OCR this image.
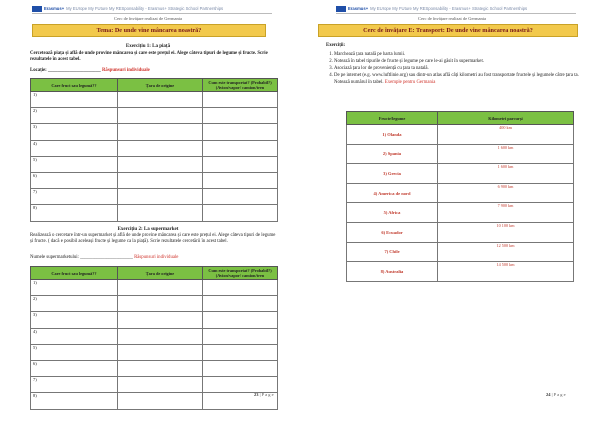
Erasmus+ My EUrope My FUture My RESponsability - Erasmus+ Strategic School Partnerships
Cerc de învățare realizat de Germania
Tema: De unde vine mâncarea noastră?
Exercițiu 1: La piață
Cercetează piața și află de unde provine mâncarea și care este prețul ei. Alege câteva tipuri de legume și fructe. Scrie rezultatele în acest tabel.
Locație: ______________________ Răspunsuri individuale
Care fruct sau legumă??	Țara de origine	Cum este transportat? (Probabil?) (Avion/vapor/ camion/tren
1)		
2)		
3)		
4)		
5)		
6)		
7)		
8)		
Exercițiu 2: La supermarket
Realizează o cercetare într-un supermarket și află de unde provine mâncarea și care este prețul ei. Alege câteva tipuri de legume și fructe. ( dacă e posibil aceleași fructe și legume ca la piață). Scrie rezultatele cercetării în acest tabel.
Numele supermarketului: ______________________ Răspunsuri individuale
Care fruct sau legumă??	Țara de origine	Cum este transportat? (Probabil?) (Avion/vapor/ camion/tren
1)		
2)		
3)		
4)		
5)		
6)		
7)		
8)			23 | P a g e
Erasmus+ My EUrope My FUture My RESponsability - Erasmus+ Strategic School Partnerships
Cerc de învățare realizat de Germania
Cerc de învățare E: Transport: De unde vine mâncarea noastră?
Exerciții:
1. Marchează țara natală pe harta lumii.
2. Notează în tabel tipurile de fructe și legume pe care le-ai găsit în supermarket.
3. Asociază țara lor de proveniență cu țara ta natală.
4. De pe internet (e.g. www.luftlinie.org) sau dintr-un atlas află câți kilometri au fost transportate fructele și legumele către țara ta. Notează numărul în tabel. Exemple pentru Germania
Fructe/legume	Kilometri parcurși
1) Olanda	400 km
2) Spania	1 600 km
3) Grecia	1 600 km
4) America de nord	6 900 km
5) Africa	7 900 km
6) Ecuador	10 100 km
7) Chile	12 500 km
8) Australia	14 500 km
24 | P a g e
